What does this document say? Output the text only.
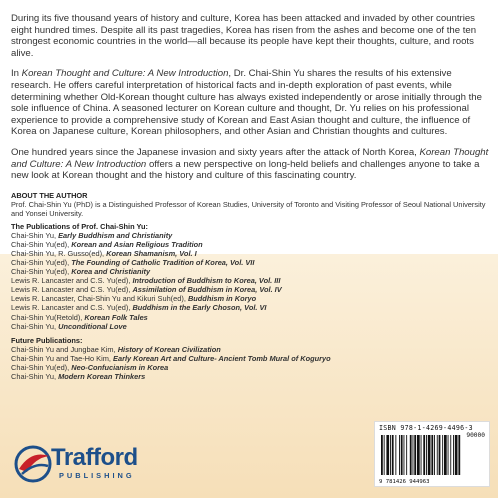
During its five thousand years of history and culture, Korea has been attacked and invaded by other countries eight hundred times. Despite all its past tragedies, Korea has risen from the ashes and become one of the ten strongest economic countries in the world—all because its people have kept their thoughts, culture, and roots alive.

In Korean Thought and Culture: A New Introduction, Dr. Chai-Shin Yu shares the results of his extensive research. He offers careful interpretation of historical facts and in-depth exploration of past events, while determining whether Old-Korean thought culture has always existed independently or arose initially through the sole influence of China. A seasoned lecturer on Korean culture and thought, Dr. Yu relies on his professional experience to provide a comprehensive study of Korean and East Asian thought and culture, the influence of Korea on Japanese culture, Korean philosophers, and other Asian and Christian thoughts and cultures.

One hundred years since the Japanese invasion and sixty years after the attack of North Korea, Korean Thought and Culture: A New Introduction offers a new perspective on long-held beliefs and challenges anyone to take a new look at Korean thought and the history and culture of this fascinating country.

ABOUT THE AUTHOR
Prof. Chai-Shin Yu (PhD) is a Distinguished Professor of Korean Studies, University of Toronto and Visiting Professor of Seoul National University and Yonsei University.
The Publications of Prof. Chai-Shin Yu:
Chai-Shin Yu, Early Buddhism and Christianity
Chai-Shin Yu(ed), Korean and Asian Religious Tradition
Chai-Shin Yu, R. Gusso(ed), Korean Shamanism, Vol. I
Chai-Shin Yu(ed), The Founding of Catholic Tradition of Korea, Vol. VII
Chai-Shin Yu(ed), Korea and Christianity
Lewis R. Lancaster and C.S. Yu(ed), Introduction of Buddhism to Korea, Vol. III
Lewis R. Lancaster and C.S. Yu(ed), Assimilation of Buddhism in Korea, Vol. IV
Lewis R. Lancaster, Chai-Shin Yu and Kikuri Suh(ed), Buddhism in Koryo
Lewis R. Lancaster and C.S. Yu(ed), Buddhism in the Early Choson, Vol. VI
Chai-Shin Yu(Retold), Korean Folk Tales
Chai-Shin Yu, Unconditional Love
Future Publications:
Chai-Shin Yu and Jungbae Kim, History of Korean Civilization
Chai-Shin Yu and Tae-Ho Kim, Early Korean Art and Culture- Ancient Tomb Mural of Koguryo
Chai-Shin Yu(ed), Neo-Confucianism in Korea
Chai-Shin Yu, Modern Korean Thinkers
Trafford
PUBLISHING
ISBN 978-1-4269-4496-3
90000
9 781426 944963
